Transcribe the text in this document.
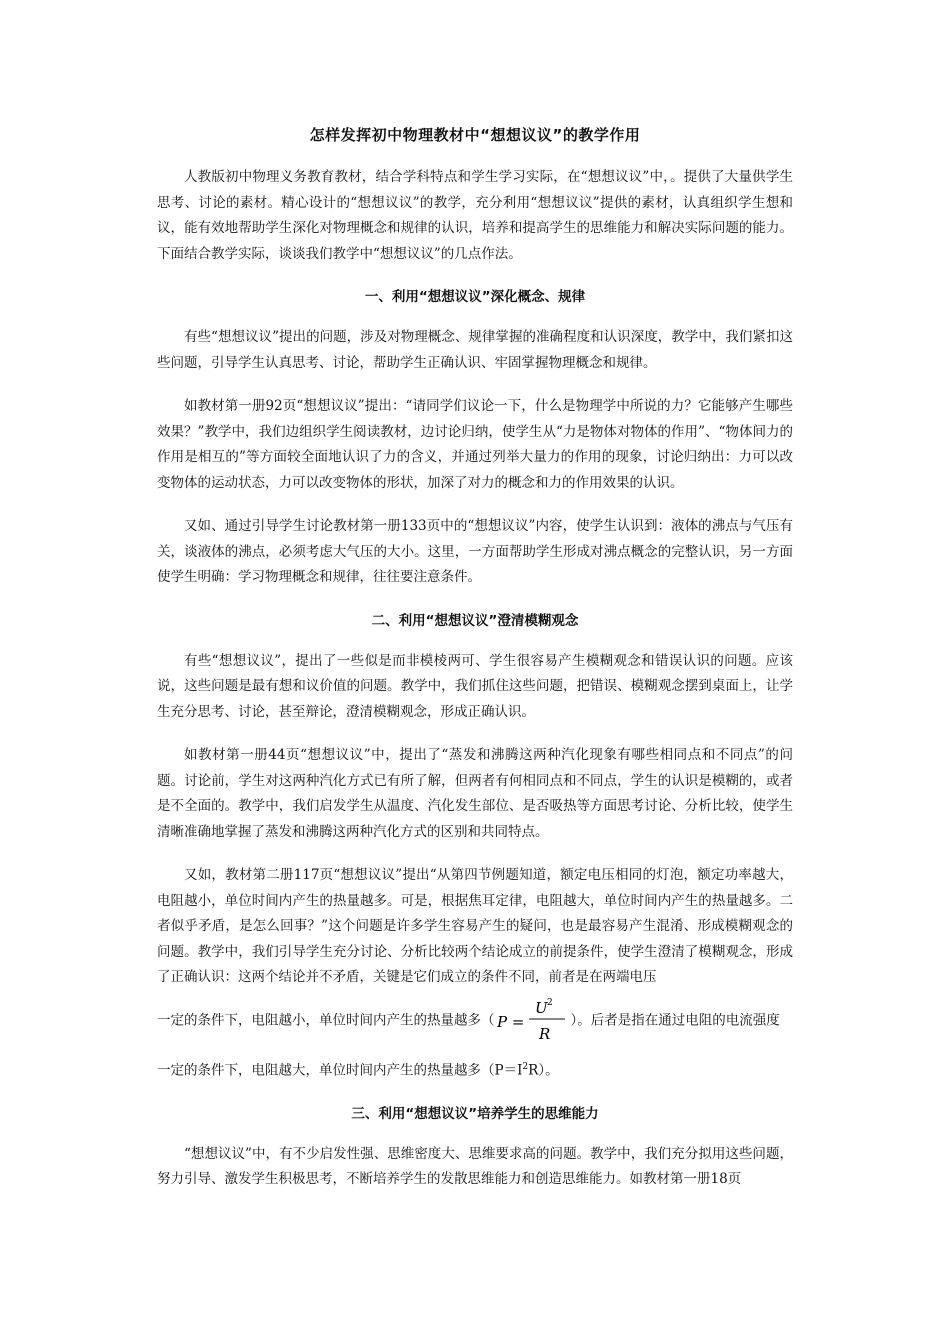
怎样发挥初中物理教材中“想想议议”的教学作用

人教版初中物理义务教育教材，结合学科特点和学生学习实际，在“想想议议”中，。提供了大量供学生思考、讨论的素材。精心设计的“想想议议”的教学，充分利用“想想议议”提供的素材，认真组织学生想和议，能有效地帮助学生深化对物理概念和规律的认识，培养和提高学生的思维能力和解决实际问题的能力。下面结合教学实际，谈谈我们教学中“想想议议”的几点作法。

一、利用“想想议议”深化概念、规律

有些“想想议议”提出的问题，涉及对物理概念、规律掌握的准确程度和认识深度，教学中，我们紧扣这些问题，引导学生认真思考、讨论，帮助学生正确认识、牢固掌握物理概念和规律。

如教材第一册92页“想想议议”提出：“请同学们议论一下，什么是物理学中所说的力？它能够产生哪些效果？”教学中，我们边组织学生阅读教材，边讨论归纳，使学生从“力是物体对物体的作用”、“物体间力的作用是相互的”等方面较全面地认识了力的含义，并通过列举大量力的作用的现象，讨论归纳出：力可以改变物体的运动状态，力可以改变物体的形状，加深了对力的概念和力的作用效果的认识。

又如、通过引导学生讨论教材第一册133页中的“想想议议”内容，使学生认识到：液体的沸点与气压有关，谈液体的沸点，必须考虑大气压的大小。这里，一方面帮助学生形成对沸点概念的完整认识，另一方面使学生明确：学习物理概念和规律，往往要注意条件。

二、利用“想想议议”澄清模糊观念

有些“想想议议”，提出了一些似是而非模棱两可、学生很容易产生模糊观念和错误认识的问题。应该说，这些问题是最有想和议价值的问题。教学中，我们抓住这些问题，把错误、模糊观念摆到桌面上，让学生充分思考、讨论，甚至辩论，澄清模糊观念，形成正确认识。

如教材第一册44页“想想议议”中，提出了“蒸发和沸腾这两种汽化现象有哪些相同点和不同点”的问题。讨论前，学生对这两种汽化方式已有所了解，但两者有何相同点和不同点，学生的认识是模糊的，或者是不全面的。教学中，我们启发学生从温度、汽化发生部位、是否吸热等方面思考讨论、分析比较，使学生清晰准确地掌握了蒸发和沸腾这两种汽化方式的区别和共同特点。

又如，教材第二册117页“想想议议”提出“从第四节例题知道，额定电压相同的灯泡，额定功率越大，电阻越小，单位时间内产生的热量越多。可是，根据焦耳定律，电阻越大，单位时间内产生的热量越多。二者似乎矛盾，是怎么回事？”这个问题是许多学生容易产生的疑问，也是最容易产生混淆、形成模糊观念的问题。教学中，我们引导学生充分讨论、分析比较两个结论成立的前提条件，使学生澄清了模糊观念，形成了正确认识：这两个结论并不矛盾，关键是它们成立的条件不同，前者是在两端电压

一定的条件下，电阻越小，单位时间内产生的热量越多（ P =
U 2
R
）。后者是指在通过电阻的电流强度
一定的条件下，电阻越大，单位时间内产生的热量越多$(P=I^2R)$。
三、利用“想想议议”培养学生的思维能力

“想想议议”中，有不少启发性强、思维密度大、思维要求高的问题。教学中，我们充分拟用这些问题，努力引导、激发学生积极思考，不断培养学生的发散思维能力和创造思维能力。如教材第一册18页
